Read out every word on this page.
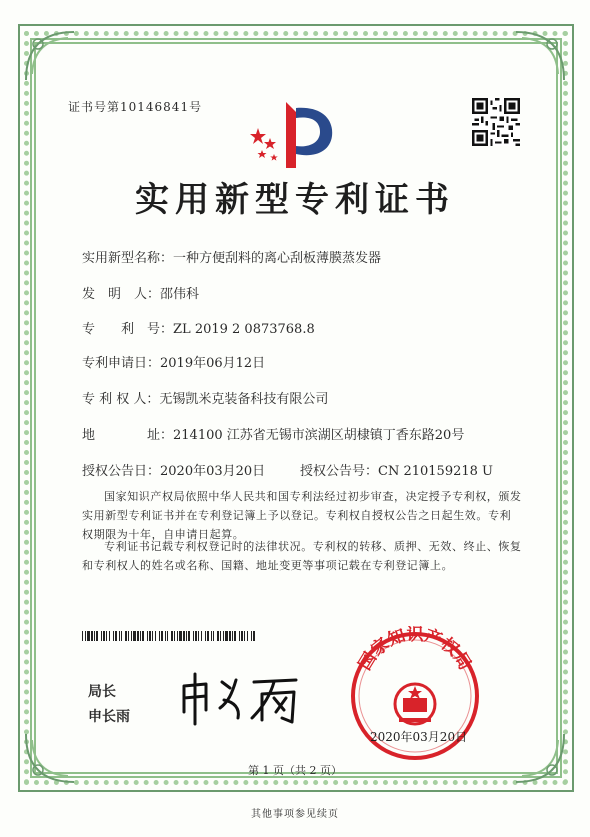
证书号第10146841号
实用新型专利证书
实用新型名称：一种方便刮料的离心刮板薄膜蒸发器
发　明　人：邵伟科
专　　利　号：ZL 2019 2 0873768.8
专利申请日：2019年06月12日
专 利 权 人：无锡凯米克装备科技有限公司
地　　　　址：214100 江苏省无锡市滨湖区胡棣镇丁香东路20号
授权公告日：2020年03月20日	授权公告号：CN 210159218 U
国家知识产权局依照中华人民共和国专利法经过初步审查，决定授予专利权，颁发实用新型专利证书并在专利登记簿上予以登记。专利权自授权公告之日起生效。专利权期限为十年，自申请日起算。
专利证书记载专利权登记时的法律状况。专利权的转移、质押、无效、终止、恢复和专利权人的姓名或名称、国籍、地址变更等事项记载在专利登记簿上。
局长
申长雨
国家知识产权局
2020年03月20日
第 1 页（共 2 页）
其他事项参见续页
